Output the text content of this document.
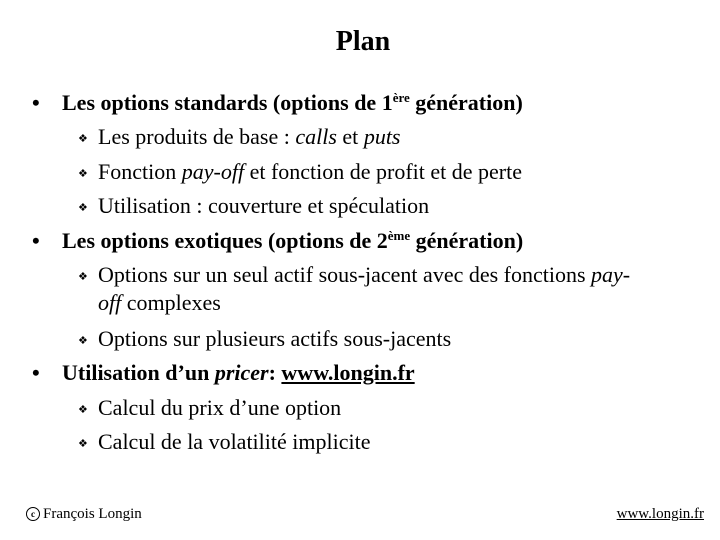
Plan
• Les options standards (options de 1ère génération)
❖ Les produits de base : calls et puts
❖ Fonction pay-off et fonction de profit et de perte
❖ Utilisation : couverture et spéculation
• Les options exotiques (options de 2ème génération)
❖ Options sur un seul actif sous-jacent avec des fonctions pay-
off complexes
❖ Options sur plusieurs actifs sous-jacents
• Utilisation d’un pricer: www.longin.fr
❖ Calcul du prix d’une option
❖ Calcul de la volatilité implicite
c François Longin	www.longin.fr
